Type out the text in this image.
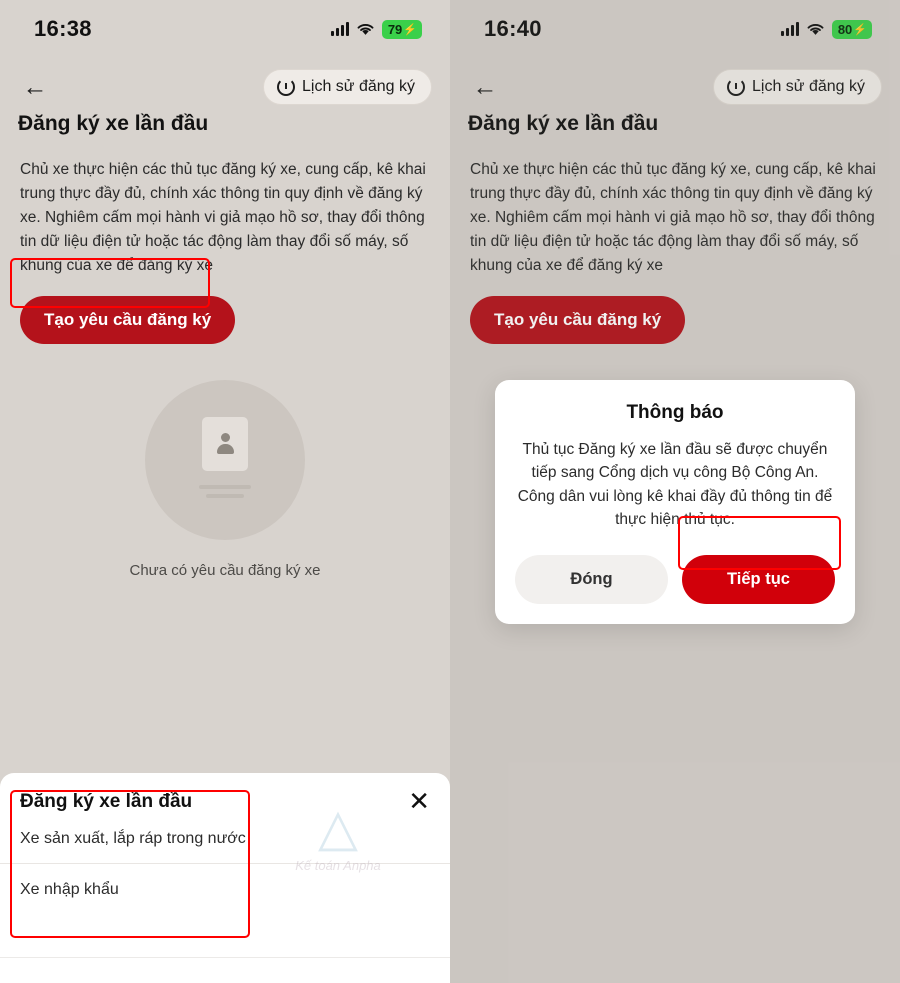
16:38	79 ⚡
←	Lịch sử đăng ký
Đăng ký xe lần đầu
Chủ xe thực hiện các thủ tục đăng ký xe, cung cấp, kê khai trung thực đầy đủ, chính xác thông tin quy định về đăng ký xe. Nghiêm cấm mọi hành vi giả mạo hồ sơ, thay đổi thông tin dữ liệu điện tử hoặc tác động làm thay đổi số máy, số khung của xe để đăng ký xe
Tạo yêu cầu đăng ký
Chưa có yêu cầu đăng ký xe
Đăng ký xe lần đầu	✕
Xe sản xuất, lắp ráp trong nước
Xe nhập khẩu
△
Kế toán Anpha
16:40	80 ⚡
←	Lịch sử đăng ký
Đăng ký xe lần đầu
Chủ xe thực hiện các thủ tục đăng ký xe, cung cấp, kê khai trung thực đầy đủ, chính xác thông tin quy định về đăng ký xe. Nghiêm cấm mọi hành vi giả mạo hồ sơ, thay đổi thông tin dữ liệu điện tử hoặc tác động làm thay đổi số máy, số khung của xe để đăng ký xe
Tạo yêu cầu đăng ký
Thông báo
Thủ tục Đăng ký xe lần đầu sẽ được chuyển tiếp sang Cổng dịch vụ công Bộ Công An. Công dân vui lòng kê khai đầy đủ thông tin để thực hiện thủ tục.
Đóng	Tiếp tục
